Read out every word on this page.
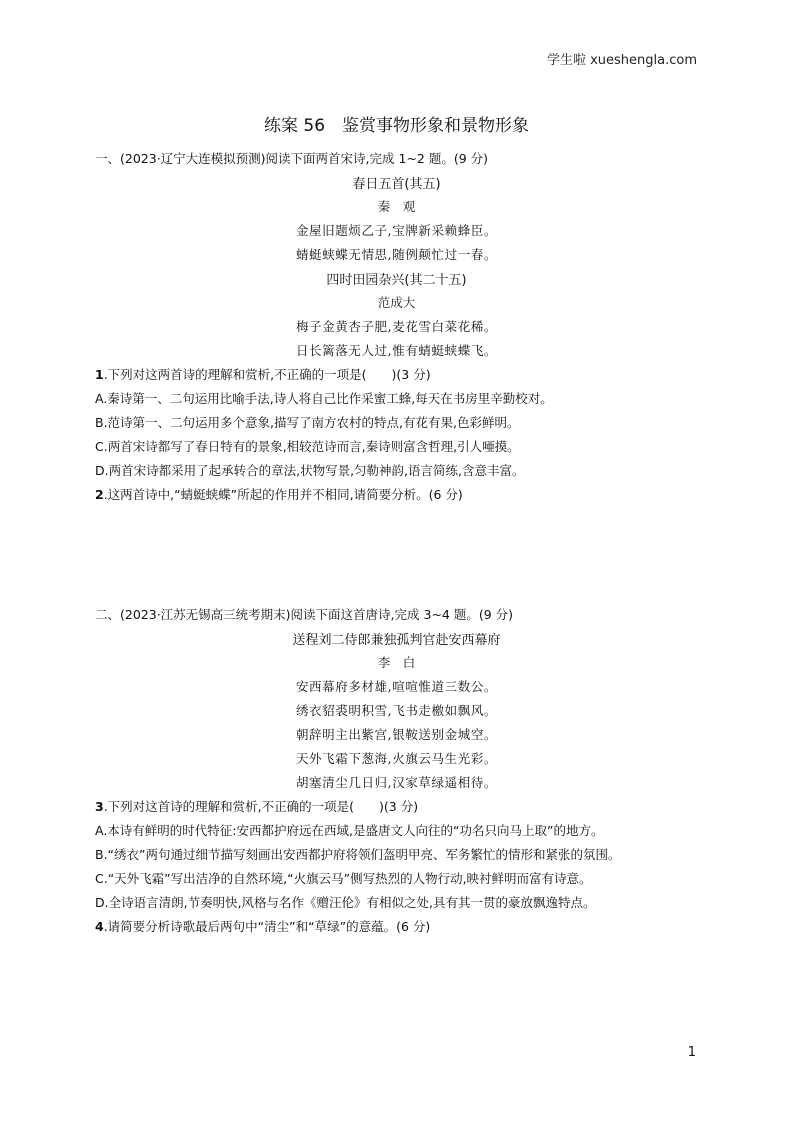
学生啦 xueshengla.com
练案 56　鉴赏事物形象和景物形象
一、(2023·辽宁大连模拟预测)阅读下面两首宋诗,完成 1~2 题。(9 分)
春日五首(其五)
秦　观
金屋旧题烦乙子,宝牌新采赖蜂臣。
蜻蜓蛱蝶无情思,随例颠忙过一春。
四时田园杂兴(其二十五)
范成大
梅子金黄杏子肥,麦花雪白菜花稀。
日长篱落无人过,惟有蜻蜓蛱蝶飞。
1.下列对这两首诗的理解和赏析,不正确的一项是(　　)(3 分)
A.秦诗第一、二句运用比喻手法,诗人将自己比作采蜜工蜂,每天在书房里辛勤校对。
B.范诗第一、二句运用多个意象,描写了南方农村的特点,有花有果,色彩鲜明。
C.两首宋诗都写了春日特有的景象,相较范诗而言,秦诗则富含哲理,引人唖摸。
D.两首宋诗都采用了起承转合的章法,状物写景,匀勒神韵,语言简练,含意丰富。
2.这两首诗中,“蜻蜓蛱蝶”所起的作用并不相同,请简要分析。(6 分)
二、(2023·江苏无锡高三统考期末)阅读下面这首唐诗,完成 3~4 题。(9 分)
送程刘二侍郎兼独孤判官赴安西幕府
李　白
安西幕府多材雄,喧喧惟道三数公。
绣衣貂裘明积雪,飞书走檄如飘风。
朝辞明主出紫宫,银鞍送别金城空。
天外飞霜下葱海,火旗云马生光彩。
胡塞清尘几日归,汉家草绿遥相待。
3.下列对这首诗的理解和赏析,不正确的一项是(　　)(3 分)
A.本诗有鲜明的时代特征:安西都护府远在西域,是盛唐文人向往的“功名只向马上取”的地方。
B.“绣衣”两句通过细节描写刻画出安西都护府将领们盔明甲亮、军务繁忙的情形和紧张的氛围。
C.“天外飞霜”写出洁净的自然环境,“火旗云马”侧写热烈的人物行动,映衬鲜明而富有诗意。
D.全诗语言清朗,节奏明快,风格与名作《赠汪伦》有相似之处,具有其一贯的豪放飘逸特点。
4.请简要分析诗歌最后两句中“清尘”和“草绿”的意蕴。(6 分)
1
